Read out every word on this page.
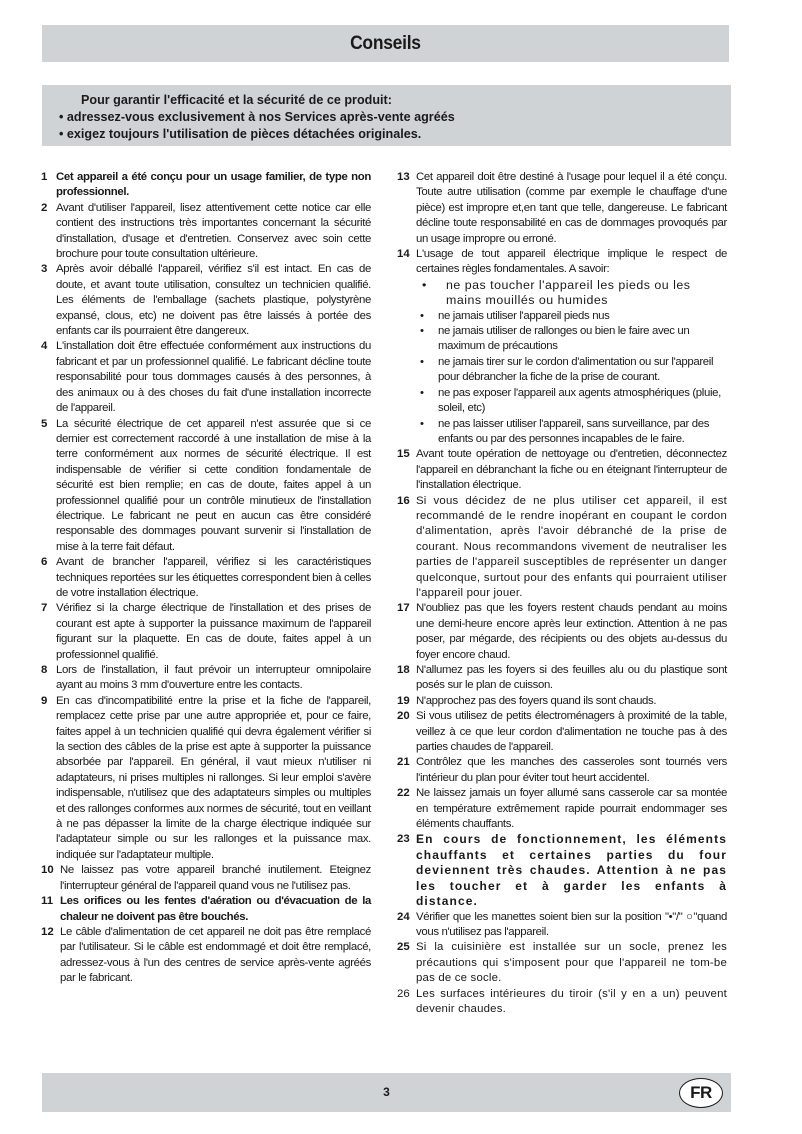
Conseils
Pour garantir l'efficacité et la sécurité de ce produit:
• adressez-vous exclusivement à nos Services après-vente agréés
• exigez toujours l'utilisation de pièces détachées originales.
1 Cet appareil a été conçu pour un usage familier, de type non professionnel.
2 Avant d'utiliser l'appareil, lisez attentivement cette notice car elle contient des instructions très importantes concernant la sécurité d'installation, d'usage et d'entretien. Conservez avec soin cette brochure pour toute consultation ultérieure.
3 Après avoir déballé l'appareil, vérifiez s'il est intact. En cas de doute, et avant toute utilisation, consultez un technicien qualifié. Les éléments de l'emballage (sachets plastique, polystyrène expansé, clous, etc) ne doivent pas être laissés à portée des enfants car ils pourraient être dangereux.
4 L'installation doit être effectuée conformément aux instructions du fabricant et par un professionnel qualifié. Le fabricant décline toute responsabilité pour tous dommages causés à des personnes, à des animaux ou à des choses du fait d'une installation incorrecte de l'appareil.
5 La sécurité électrique de cet appareil n'est assurée que si ce dernier est correctement raccordé à une installation de mise à la terre conformément aux normes de sécurité électrique. Il est indispensable de vérifier si cette condition fondamentale de sécurité est bien remplie; en cas de doute, faites appel à un professionnel qualifié pour un contrôle minutieux de l'installation électrique. Le fabricant ne peut en aucun cas être considéré responsable des dommages pouvant survenir si l'installation de mise à la terre fait défaut.
6 Avant de brancher l'appareil, vérifiez si les caractéristiques techniques reportées sur les étiquettes correspondent bien à celles de votre installation électrique.
7 Vérifiez si la charge électrique de l'installation et des prises de courant est apte à supporter la puissance maximum de l'appareil figurant sur la plaquette. En cas de doute, faites appel à un professionnel qualifié.
8 Lors de l'installation, il faut prévoir un interrupteur omnipolaire ayant au moins 3 mm d'ouverture entre les contacts.
9 En cas d'incompatibilité entre la prise et la fiche de l'appareil, remplacez cette prise par une autre appropriée et, pour ce faire, faites appel à un technicien qualifié qui devra également vérifier si la section des câbles de la prise est apte à supporter la puissance absorbée par l'appareil. En général, il vaut mieux n'utiliser ni adaptateurs, ni prises multiples ni rallonges. Si leur emploi s'avère indispensable, n'utilisez que des adaptateurs simples ou multiples et des rallonges conformes aux normes de sécurité, tout en veillant à ne pas dépasser la limite de la charge électrique indiquée sur l'adaptateur simple ou sur les rallonges et la puissance max. indiquée sur l'adaptateur multiple.
10 Ne laissez pas votre appareil branché inutilement. Eteignez l'interrupteur général de l'appareil quand vous ne l'utilisez pas.
11 Les orifices ou les fentes d'aération ou d'évacuation de la chaleur ne doivent pas être bouchés.
12 Le câble d'alimentation de cet appareil ne doit pas être remplacé par l'utilisateur. Si le câble est endommagé et doit être remplacé, adressez-vous à l'un des centres de service après-vente agréés par le fabricant.
13 Cet appareil doit être destiné à l'usage pour lequel il a été conçu. Toute autre utilisation (comme par exemple le chauffage d'une pièce) est impropre et,en tant que telle, dangereuse. Le fabricant décline toute responsabilité en cas de dommages provoqués par un usage impropre ou erroné.
14 L'usage de tout appareil électrique implique le respect de certaines règles fondamentales. A savoir:
• ne pas toucher l'appareil les pieds ou les mains mouillés ou humides
• ne jamais utiliser l'appareil pieds nus
• ne jamais utiliser de rallonges ou bien le faire avec un maximum de précautions
• ne jamais tirer sur le cordon d'alimentation ou sur l'appareil pour débrancher la fiche de la prise de courant.
• ne pas exposer l'appareil aux agents atmosphériques (pluie, soleil, etc)
• ne pas laisser utiliser l'appareil, sans surveillance, par des enfants ou par des personnes incapables de le faire.
15 Avant toute opération de nettoyage ou d'entretien, déconnectez l'appareil en débranchant la fiche ou en éteignant l'interrupteur de l'installation électrique.
16 Si vous décidez de ne plus utiliser cet appareil, il est recommandé de le rendre inopérant en coupant le cordon d'alimentation, après l'avoir débranché de la prise de courant. Nous recommandons vivement de neutraliser les parties de l'appareil susceptibles de représenter un danger quelconque, surtout pour des enfants qui pourraient utiliser l'appareil pour jouer.
17 N'oubliez pas que les foyers restent chauds pendant au moins une demi-heure encore après leur extinction. Attention à ne pas poser, par mégarde, des récipients ou des objets au-dessus du foyer encore chaud.
18 N'allumez pas les foyers si des feuilles alu ou du plastique sont posés sur le plan de cuisson.
19 N'approchez pas des foyers quand ils sont chauds.
20 Si vous utilisez de petits électroménagers à proximité de la table, veillez à ce que leur cordon d'alimentation ne touche pas à des parties chaudes de l'appareil.
21 Contrôlez que les manches des casseroles sont tournés vers l'intérieur du plan pour éviter tout heurt accidentel.
22 Ne laissez jamais un foyer allumé sans casserole car sa montée en température extrêmement rapide pourrait endommager ses éléments chauffants.
23 En cours de fonctionnement, les éléments chauffants et certaines parties du four deviennent très chaudes. Attention à ne pas les toucher et à garder les enfants à distance.
24 Vérifier que les manettes soient bien sur la position "•"/" ○"quand vous n'utilisez pas l'appareil.
25 Si la cuisinière est installée sur un socle, prenez les précautions qui s'imposent pour que l'appareil ne tom-be pas de ce socle.
26 Les surfaces intérieures du tiroir (s'il y en a un) peuvent devenir chaudes.
3	FR
